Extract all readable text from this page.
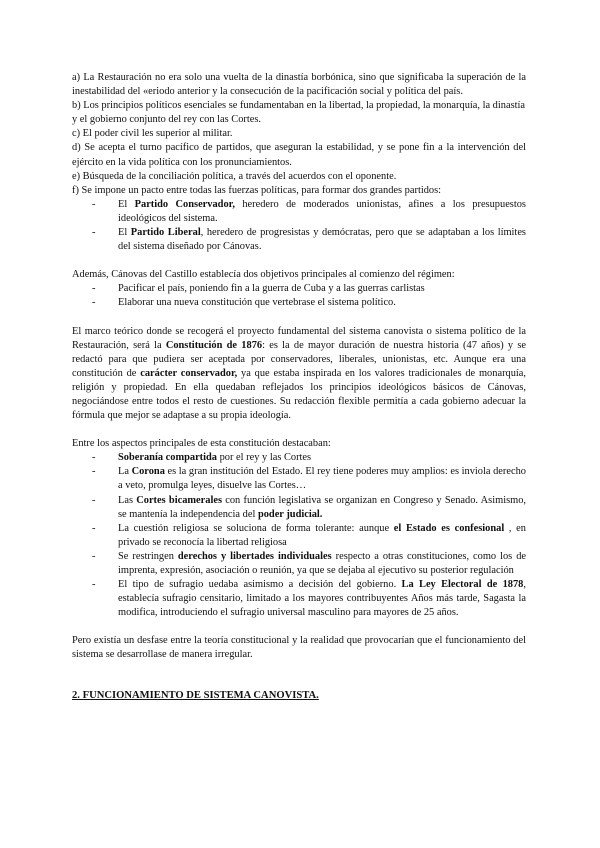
a) La Restauración no era solo una vuelta de la dinastía borbónica, sino que significaba la superación de la inestabilidad del «eriodo anterior y la consecución de la pacificación social y política del país.

b) Los principios políticos esenciales se fundamentaban en la libertad, la propiedad, la monarquía, la dinastía y el gobierno conjunto del rey con las Cortes.

c) El poder civil les superior al militar.

d) Se acepta el turno pacífico de partidos, que aseguran la estabilidad, y se pone fin a la intervención del ejército en la vida política con los pronunciamientos.

e) Búsqueda de la conciliación política, a través del acuerdos con el oponente.

f) Se impone un pacto entre todas las fuerzas políticas, para formar dos grandes partidos:

-	El Partido Conservador, heredero de moderados unionistas, afines a los presupuestos ideológicos del sistema.
-	El Partido Liberal, heredero de progresistas y demócratas, pero que se adaptaban a los límites del sistema diseñado por Cánovas.

Además, Cánovas del Castillo establecía dos objetivos principales al comienzo del régimen:

-	Pacificar el país, poniendo fin a la guerra de Cuba y a las guerras carlistas
-	Elaborar una nueva constitución que vertebrase el sistema político.

El marco teórico donde se recogerá el proyecto fundamental del sistema canovista o sistema político de la Restauración, será la Constitución de 1876: es la de mayor duración de nuestra historia (47 años) y se redactó para que pudiera ser aceptada por conservadores, liberales, unionistas, etc. Aunque era una constitución de carácter conservador, ya que estaba inspirada en los valores tradicionales de monarquía, religión y propiedad. En ella quedaban reflejados los principios ideológicos básicos de Cánovas, negociándose entre todos el resto de cuestiones. Su redacción flexible permitía a cada gobierno adecuar la fórmula que mejor se adaptase a su propia ideología.

Entre los aspectos principales de esta constitución destacaban:

-	Soberanía compartida por el rey y las Cortes
-	La Corona es la gran institución del Estado. El rey tiene poderes muy amplios: es inviola derecho a veto, promulga leyes, disuelve las Cortes…
-	Las Cortes bicamerales con función legislativa se organizan en Congreso y Senado. Asimismo, se mantenía la independencia del poder judicial.
-	La cuestión religiosa se soluciona de forma tolerante: aunque el Estado es confesional , en privado se reconocía la libertad religiosa
-	Se restringen derechos y libertades individuales respecto a otras constituciones, como los de imprenta, expresión, asociación o reunión, ya que se dejaba al ejecutivo su posterior regulación
-	El tipo de sufragio uedaba asimismo a decisión del gobierno. La Ley Electoral de 1878, establecía sufragio censitario, limitado a los mayores contribuyentes Años más tarde, Sagasta la modifica, introduciendo el sufragio universal masculino para mayores de 25 años.

Pero existía un desfase entre la teoría constitucional y la realidad que provocarían que el funcionamiento del sistema se desarrollase de manera irregular.

2. FUNCIONAMIENTO DE SISTEMA CANOVISTA.
